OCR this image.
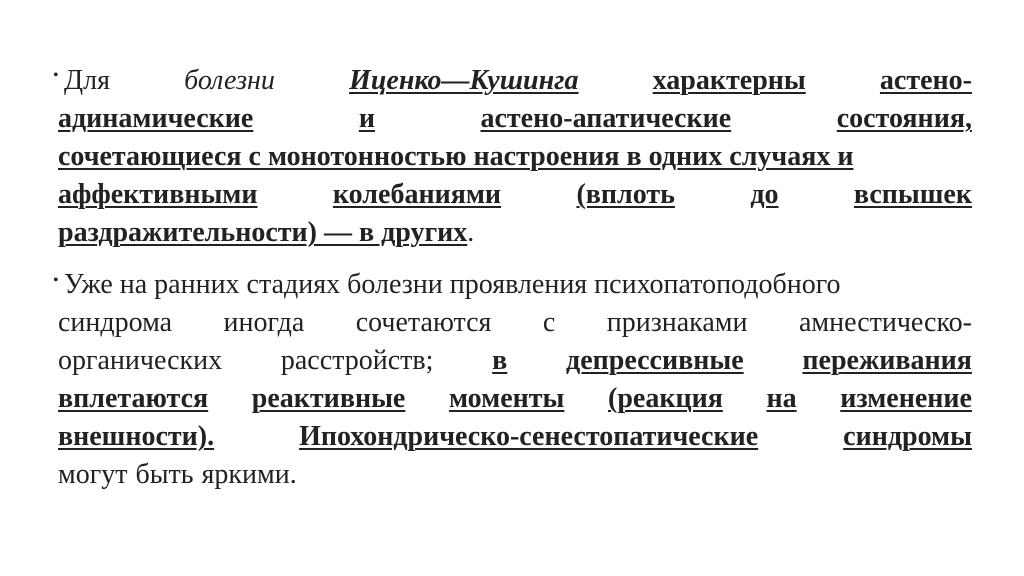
• Для	болезни	Иценко—Кушинга	характерны	астено-
адинамические	и	астено-апатические	состояния,
сочетающиеся с монотонностью настроения в одних случаях и
аффективными	колебаниями	(вплоть	до	вспышек
раздражительности) — в других .
• Уже на ранних стадиях болезни проявления психопатоподобного
синдрома иногда сочетаются с признаками амнестическо-
органических расстройств; в депрессивные переживания
вплетаются реактивные моменты (реакция на изменение
внешности).	Ипохондрическо-сенестопатические	синдромы
могут быть яркими.
